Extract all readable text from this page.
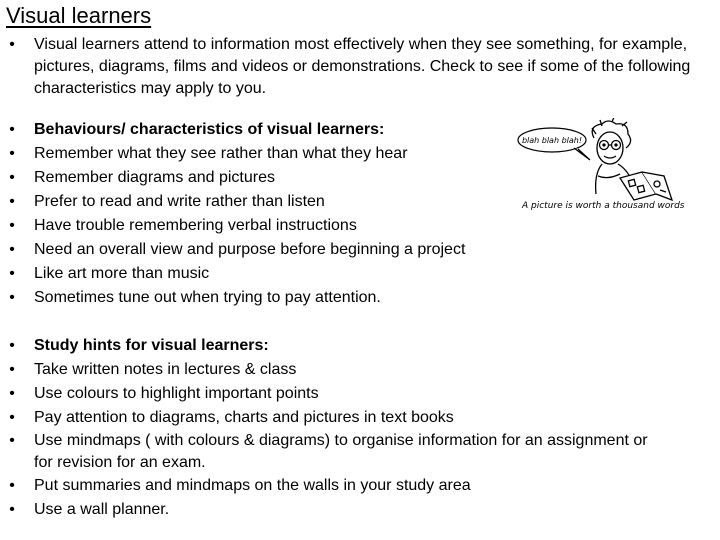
Visual learners
• Visual learners attend to information most effectively when they see something, for example, pictures, diagrams, films and videos or demonstrations. Check to see if some of the following characteristics may apply to you.
• Behaviours/ characteristics of visual learners:
• Remember what they see rather than what they hear
• Remember diagrams and pictures
• Prefer to read and write rather than listen
• Have trouble remembering verbal instructions
• Need an overall view and purpose before beginning a project
• Like art more than music
• Sometimes tune out when trying to pay attention.
• Study hints for visual learners:
• Take written notes in lectures & class
• Use colours to highlight important points
• Pay attention to diagrams, charts and pictures in text books
• Use mindmaps ( with colours & diagrams) to organise information for an assignment or for revision for an exam.
• Put summaries and mindmaps on the walls in your study area
• Use a wall planner.
blah blah blah!
A picture is worth a thousand words
